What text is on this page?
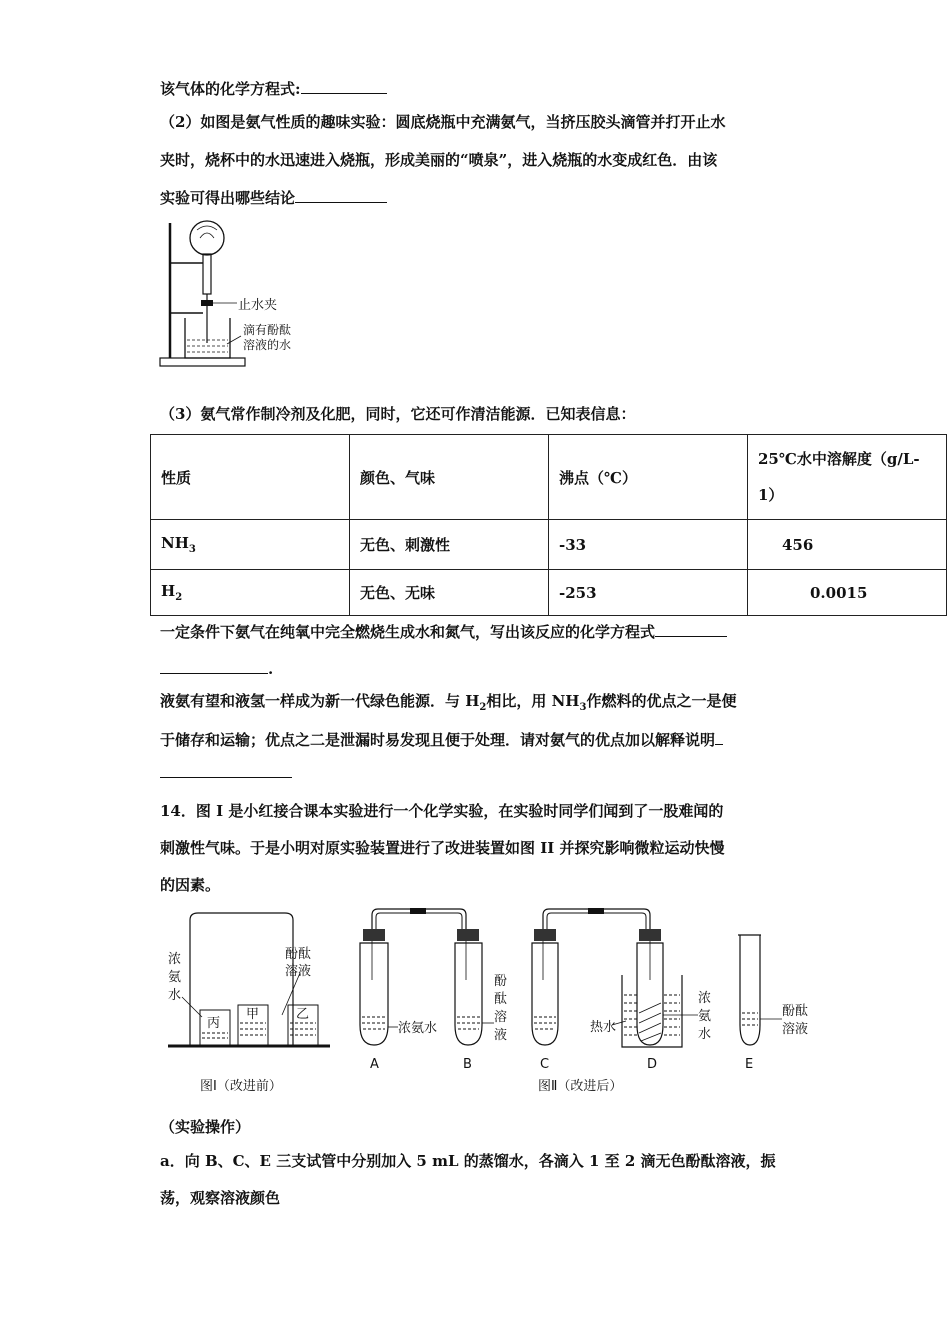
该气体的化学方程式:
（2）如图是氨气性质的趣味实验：圆底烧瓶中充满氨气，当挤压胶头滴管并打开止水
夹时，烧杯中的水迅速进入烧瓶，形成美丽的“喷泉”，进入烧瓶的水变成红色．由该
实验可得出哪些结论
止水夹
滴有酚酞
溶液的水
（3）氨气常作制冷剂及化肥，同时，它还可作清洁能源．已知表信息：
性质	颜色、气味	沸点（℃）	25℃水中溶解度（g/L-
1）

$NH_3$	无色、刺激性	-33	456
$H_2$	无色、无味	-253	0.0015
一定条件下氨气在纯氧中完全燃烧生成水和氮气，写出该反应的化学方程式
.
液氨有望和液氢一样成为新一代绿色能源．与 $H_2$相比，用 $NH_3$作燃料的优点之一是便
于储存和运输；优点之二是泄漏时易发现且便于处理．请对氨气的优点加以解释说明
14．图 I 是小红接合课本实验进行一个化学实验，在实验时同学们闻到了一股难闻的
刺激性气味。于是小明对原实验装置进行了改进装置如图 II 并探究影响微粒运动快慢
的因素。
浓
氨
水
酚酞
溶液
丙
甲	乙
图Ⅰ（改进前）
浓氨水
酚
酞
溶
液
热水
浓
氨
水
酚酞
溶液
A	B	C	D	E
图Ⅱ（改进后）
（实验操作）
a．向 B、C、E 三支试管中分别加入 5 mL 的蒸馏水，各滴入 1 至 2 滴无色酚酞溶液，振
荡，观察溶液颜色
